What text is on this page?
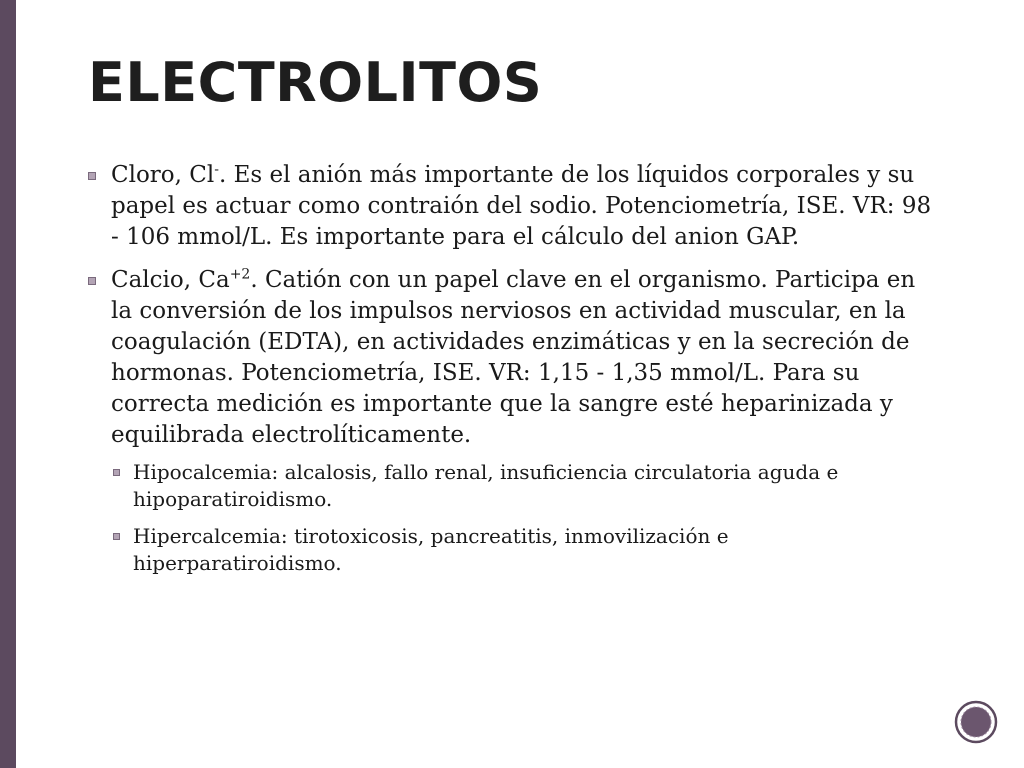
ELECTROLITOS
Cloro, Cl-. Es el anión más importante de los líquidos corporales y su papel es actuar como contraión del sodio. Potenciometría, ISE. VR: 98 - 106 mmol/L. Es importante para el cálculo del anion GAP.
Calcio, $Ca^{+2}$. Catión con un papel clave en el organismo. Participa en la conversión de los impulsos nerviosos en actividad muscular, en la coagulación (EDTA), en actividades enzimáticas y en la secreción de hormonas. Potenciometría, ISE. VR: 1,15 - 1,35 mmol/L. Para su correcta medición es importante que la sangre esté heparinizada y equilibrada electrolíticamente.
Hipocalcemia: alcalosis, fallo renal, insuficiencia circulatoria aguda e hipoparatiroidismo.
Hipercalcemia: tirotoxicosis, pancreatitis, inmovilización e hiperparatiroidismo.
